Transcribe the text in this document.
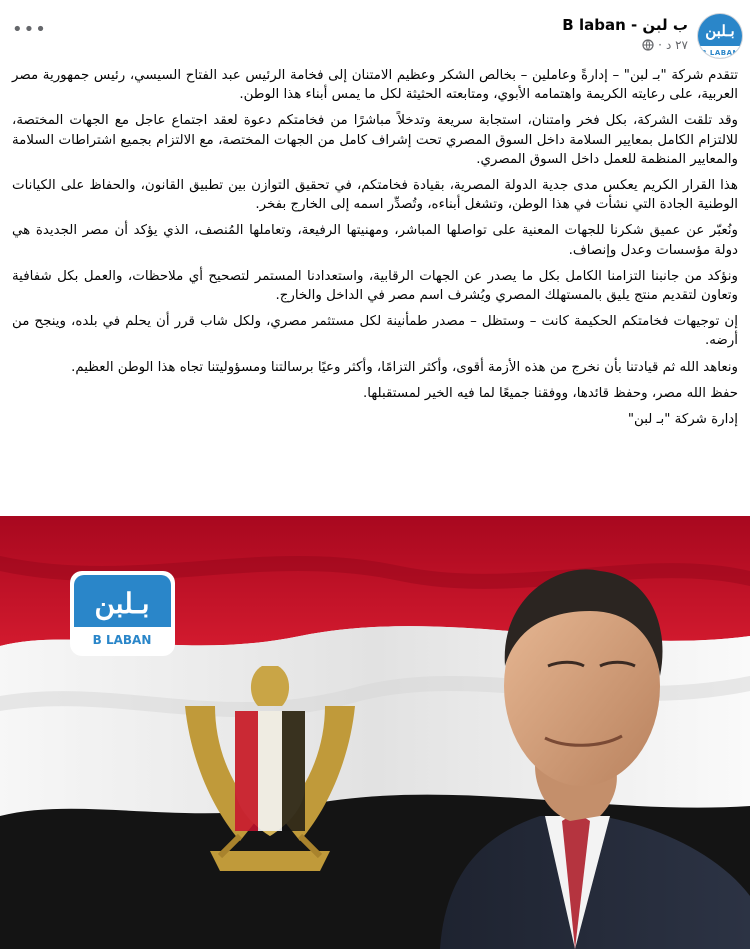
بـلبن
B LABAN
ب لبن - B laban
٢٧ د
·
•••

تتقدم شركة "بـ لبن" – إدارةً وعاملين – بخالص الشكر وعظيم الامتنان إلى فخامة الرئيس عبد الفتاح السيسي، رئيس جمهورية مصر العربية، على رعايته الكريمة واهتمامه الأبوي، ومتابعته الحثيثة لكل ما يمس أبناء هذا الوطن.

وقد تلقت الشركة، بكل فخر وامتنان، استجابة سريعة وتدخلاً مباشرًا من فخامتكم دعوة لعقد اجتماع عاجل مع الجهات المختصة، للالتزام الكامل بمعايير السلامة داخل السوق المصري تحت إشراف كامل من الجهات المختصة، مع الالتزام بجميع اشتراطات السلامة والمعايير المنظمة للعمل داخل السوق المصري.

هذا القرار الكريم يعكس مدى جدية الدولة المصرية، بقيادة فخامتكم، في تحقيق التوازن بين تطبيق القانون، والحفاظ على الكيانات الوطنية الجادة التي نشأت في هذا الوطن، وتشغل أبناءه، وتُصدِّر اسمه إلى الخارج بفخر.

ونُعبّر عن عميق شكرنا للجهات المعنية على تواصلها المباشر، ومهنيتها الرفيعة، وتعاملها المُنصف، الذي يؤكد أن مصر الجديدة هي دولة مؤسسات وعدل وإنصاف.

ونؤكد من جانبنا التزامنا الكامل بكل ما يصدر عن الجهات الرقابية، واستعدادنا المستمر لتصحيح أي ملاحظات، والعمل بكل شفافية وتعاون لتقديم منتج يليق بالمستهلك المصري ويُشرف اسم مصر في الداخل والخارج.

إن توجيهات فخامتكم الحكيمة كانت – وستظل – مصدر طمأنينة لكل مستثمر مصري، ولكل شاب قرر أن يحلم في بلده، وينجح من أرضه.

ونعاهد الله ثم قيادتنا بأن نخرج من هذه الأزمة أقوى، وأكثر التزامًا، وأكثر وعيًا برسالتنا ومسؤوليتنا تجاه هذا الوطن العظيم.

حفظ الله مصر، وحفظ قائدها، ووفقنا جميعًا لما فيه الخير لمستقبلها.

إدارة شركة "بـ لبن"

بـلبن
B LABAN
